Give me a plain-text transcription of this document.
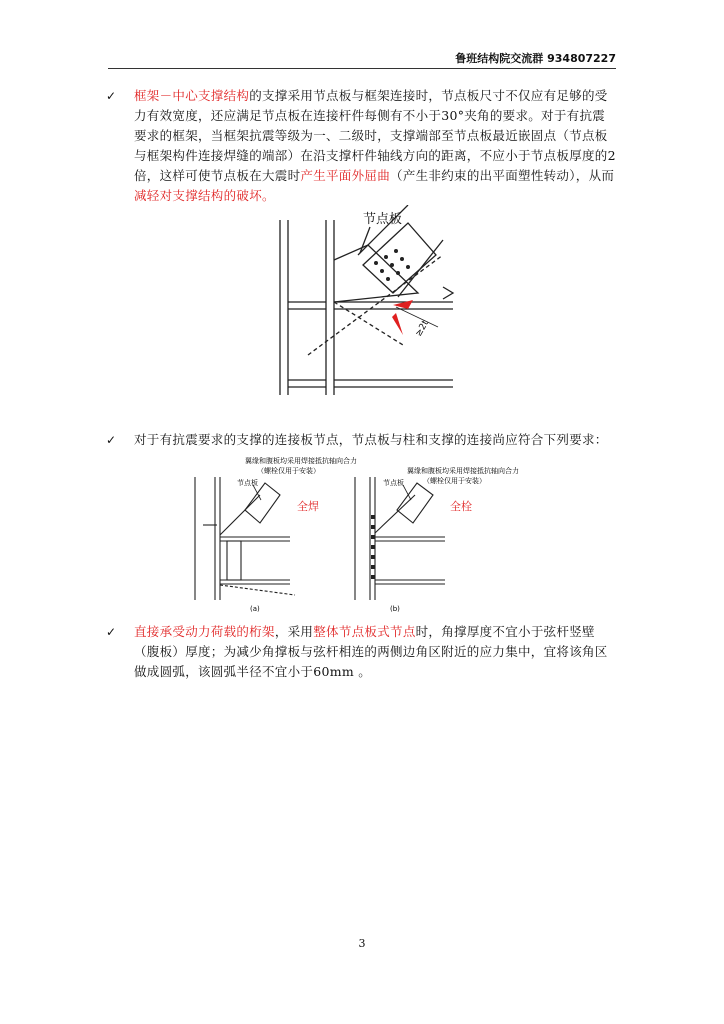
鲁班结构院交流群 934807227
✓ 框架－中心支撑结构的支撑采用节点板与框架连接时，节点板尺寸不仅应有足够的受力有效宽度，还应满足节点板在连接杆件每侧有不小于30°夹角的要求。对于有抗震要求的框架，当框架抗震等级为一、二级时，支撑端部至节点板最近嵌固点（节点板与框架构件连接焊缝的端部）在沿支撑杆件轴线方向的距离，不应小于节点板厚度的2倍，这样可使节点板在大震时产生平面外屈曲（产生非约束的出平面塑性转动），从而减轻对支撑结构的破坏。
节点板
≥2t
✓ 对于有抗震要求的支撑的连接板节点，节点板与柱和支撑的连接尚应符合下列要求：
翼缘和腹板均采用焊接抵抗轴向合力
（螺栓仅用于安装）	翼缘和腹板均采用焊接抵抗轴向合力
（螺栓仅用于安装）
节点板	节点板
全焊	全栓
(a)	(b)
✓ 直接承受动力荷载的桁架，采用整体节点板式节点时，角撑厚度不宜小于弦杆竖壁（腹板）厚度；为减少角撑板与弦杆相连的两侧边角区附近的应力集中，宜将该角区做成圆弧，该圆弧半径不宜小于60mm 。
3
